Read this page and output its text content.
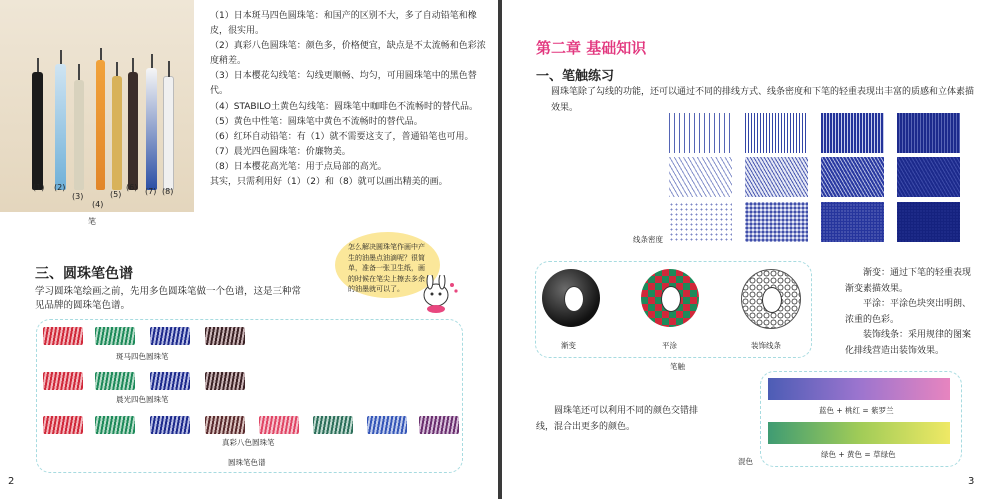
(1) (2)
(3)
(4)
(5)
(6) (7) (8)
笔

（1）日本斑马四色圆珠笔：和国产的区别不大，多了自动铅笔和橡皮，很实用。

（2）真彩八色圆珠笔：颜色多，价格便宜，缺点是不太流畅和色彩浓度稍差。

（3）日本樱花勾线笔：勾线更顺畅、均匀，可用圆珠笔中的黑色替代。

（4）STABILO土黄色勾线笔：圆珠笔中咖啡色不流畅时的替代品。

（5）黄色中性笔：圆珠笔中黄色不流畅时的替代品。

（6）红环自动铅笔：有（1）就不需要这支了，普通铅笔也可用。

（7）晨光四色圆珠笔：价廉物美。

（8）日本樱花高光笔：用于点局部的高光。

其实，只需利用好（1）（2）和（8）就可以画出精美的画。

怎么解决圆珠笔作画中产生的油墨点油滴呢？很简单，准备一张卫生纸，画的时候在笔尖上擦去多余的油墨就可以了。
三、圆珠笔色谱
学习圆珠笔绘画之前，先用多色圆珠笔做一个色谱，这是三种常见品牌的圆珠笔色谱。
斑马四色圆珠笔
晨光四色圆珠笔
真彩八色圆珠笔
圆珠笔色谱
2
第二章 基础知识
一、笔触练习
圆珠笔除了勾线的功能，还可以通过不同的排线方式、线条密度和下笔的轻重表现出丰富的质感和立体素描效果。
线条密度
渐变	平涂	装饰线条
笔触
渐变：通过下笔的轻重表现渐变素描效果。
平涂：平涂色块突出明朗、浓重的色彩。
装饰线条：采用规律的图案化排线营造出装饰效果。
圆珠笔还可以利用不同的颜色交错排线，混合出更多的颜色。
蓝色 + 桃红 = 紫罗兰
绿色 + 黄色 = 草绿色
混色
3
